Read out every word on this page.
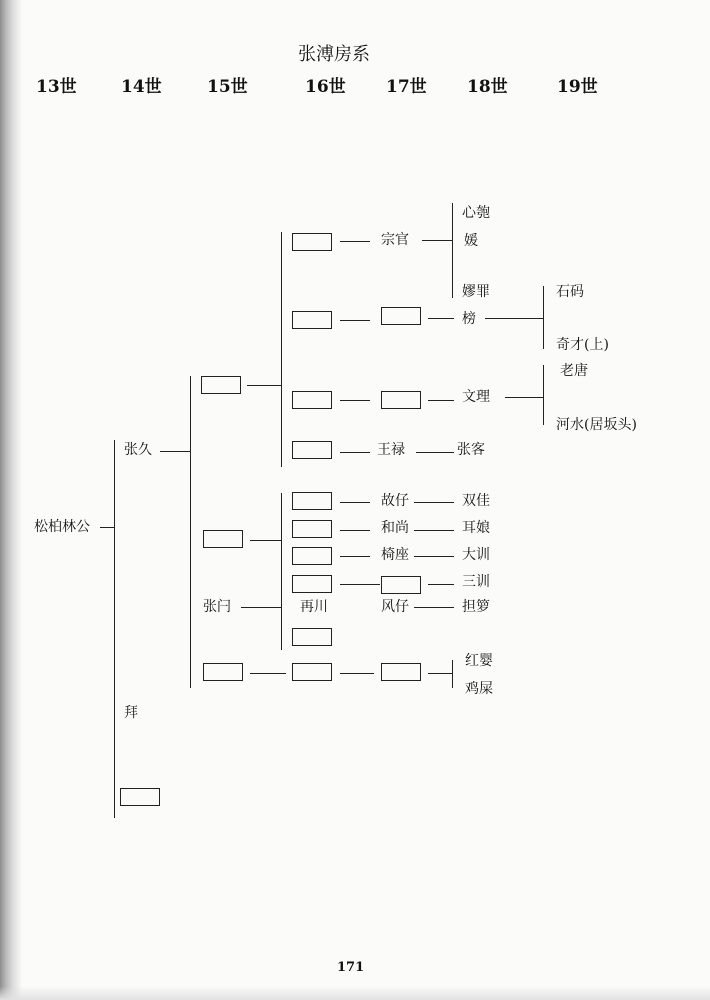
张溥房系
13世	14世	15世	16世 17世 18世	19世
松柏林公
张久
拜
宗官
心匏
媛
嫪罪
榜
石码
奇才(上)
文理
老唐
河水(居坂头)
王禄	张客
故仔	双佳
和尚	耳娘
椅座	大训
三训
张闩	再川	风仔	担箩
红婴
鸡屎
171
